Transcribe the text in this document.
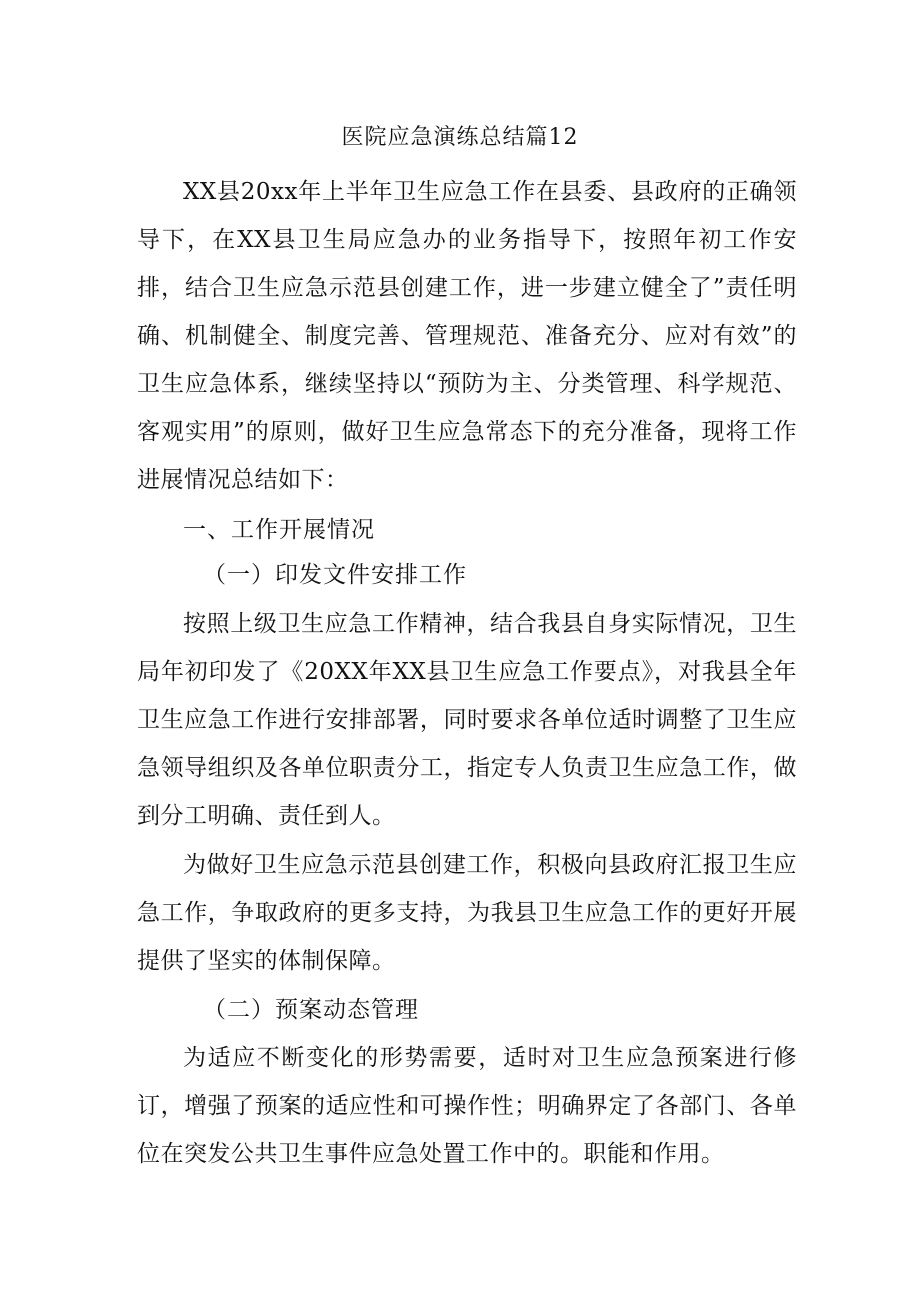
医院应急演练总结篇12

XX县20xx年上半年卫生应急工作在县委、县政府的正确领导下，在XX县卫生局应急办的业务指导下，按照年初工作安排，结合卫生应急示范县创建工作，进一步建立健全了”责任明确、机制健全、制度完善、管理规范、准备充分、应对有效”的卫生应急体系，继续坚持以“预防为主、分类管理、科学规范、客观实用”的原则，做好卫生应急常态下的充分准备，现将工作进展情况总结如下：

一、工作开展情况

（一）印发文件安排工作

按照上级卫生应急工作精神，结合我县自身实际情况，卫生局年初印发了《20XX年XX县卫生应急工作要点》，对我县全年卫生应急工作进行安排部署，同时要求各单位适时调整了卫生应急领导组织及各单位职责分工，指定专人负责卫生应急工作，做到分工明确、责任到人。

为做好卫生应急示范县创建工作，积极向县政府汇报卫生应急工作，争取政府的更多支持，为我县卫生应急工作的更好开展提供了坚实的体制保障。

（二）预案动态管理

为适应不断变化的形势需要，适时对卫生应急预案进行修订，增强了预案的适应性和可操作性；明确界定了各部门、各单位在突发公共卫生事件应急处置工作中的。职能和作用。
